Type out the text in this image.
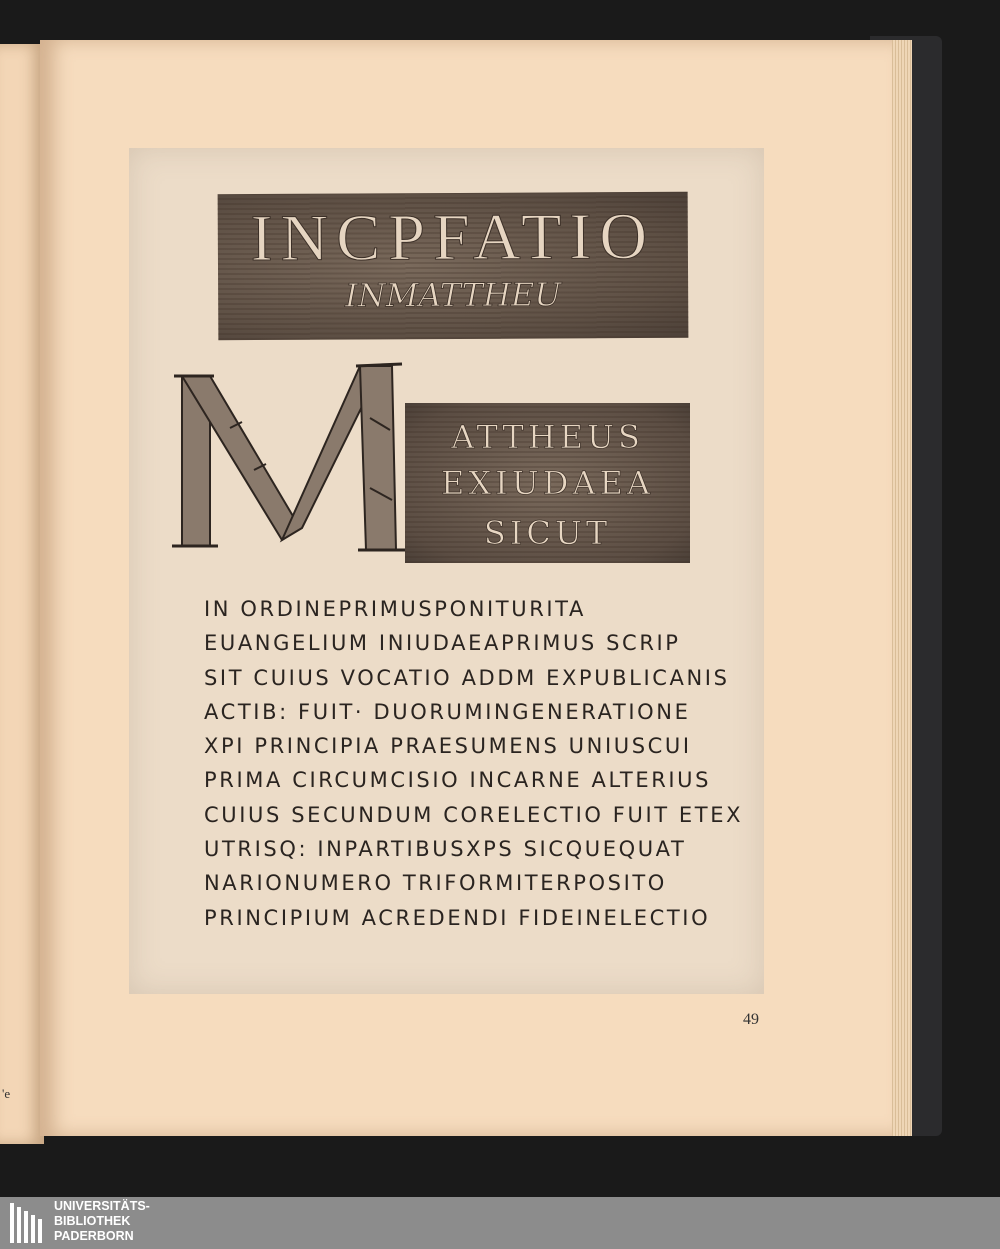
'e
INCPFATIO
INMATTHEU
ATTHEUS
EXIUDAEA
SICUT
IN ORDINEPRIMUSPONITURITA
EUANGELIUM INIUDAEAPRIMUS SCRIP
SIT CUIUS VOCATIO ADDM EXPUBLICANIS
ACTIB: FUIT· DUORUMINGENERATIONE
XPI PRINCIPIA PRAESUMENS UNIUSCUI
PRIMA CIRCUMCISIO INCARNE ALTERIUS
CUIUS SECUNDUM CORELECTIO FUIT ETEX
UTRISQ: INPARTIBUSXPS SICQUEQUAT
NARIONUMERO TRIFORMITERPOSITO
PRINCIPIUM ACREDENDI FIDEINELECTIO
49
UNIVERSITÄTS-
BIBLIOTHEK
PADERBORN
